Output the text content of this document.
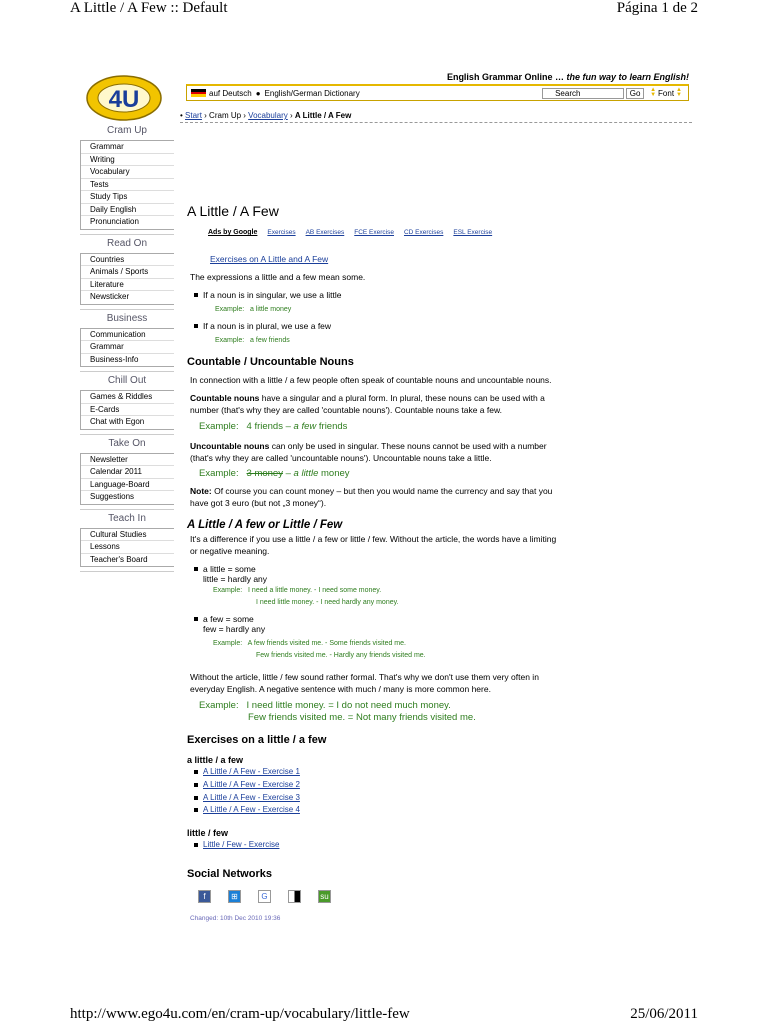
A Little / A Few :: Default	Página 1 de 2
http://www.ego4u.com/en/cram-up/vocabulary/little-few	25/06/2011
4U
English Grammar Online … the fun way to learn English!
auf Deutsch ● English/German Dictionary	Search	Go	▲
▼ Font ▲
▼
• Start › Cram Up › Vocabulary › A Little / A Few
Cram Up
Grammar
Writing
Vocabulary
Tests
Study Tips
Daily English
Pronunciation
Read On
Countries
Animals / Sports
Literature
Newsticker
Business
Communication
Grammar
Business-Info
Chill Out
Games & Riddles
E-Cards
Chat with Egon
Take On
Newsletter
Calendar 2011
Language-Board
Suggestions
Teach In
Cultural Studies
Lessons
Teacher's Board
A Little / A Few
Ads by Google Exercises AB Exercises FCE Exercise CD Exercises ESL Exercise
Exercises on A Little and A Few
The expressions a little and a few mean some.
If a noun is in singular, we use a little
Example: a little money
If a noun is in plural, we use a few
Example: a few friends
Countable / Uncountable Nouns
In connection with a little / a few people often speak of countable nouns and uncountable nouns.
Countable nouns have a singular and a plural form. In plural, these nouns can be used with a number (that's why they are called 'countable nouns'). Countable nouns take a few.
Example: 4 friends – a few friends
Uncountable nouns can only be used in singular. These nouns cannot be used with a number (that's why they are called 'uncountable nouns'). Uncountable nouns take a little.
Example: 3 money – a little money
Note: Of course you can count money – but then you would name the currency and say that you have got 3 euro (but not „3 money“).
A Little / A few or Little / Few
It's a difference if you use a little / a few or little / few. Without the article, the words have a limiting or negative meaning.
a little = some
little = hardly any
Example: I need a little money. - I need some money.
I need little money. - I need hardly any money.
a few = some
few = hardly any
Example: A few friends visited me. - Some friends visited me.
Few friends visited me. - Hardly any friends visited me.
Without the article, little / few sound rather formal. That's why we don't use them very often in everyday English. A negative sentence with much / many is more common here.
Example: I need little money. = I do not need much money.
Few friends visited me. = Not many friends visited me.
Exercises on a little / a few
a little / a few
A Little / A Few - Exercise 1
A Little / A Few - Exercise 2
A Little / A Few - Exercise 3
A Little / A Few - Exercise 4
little / few
Little / Few - Exercise
Social Networks
f	⊞	G	su
Changed: 10th Dec 2010 19:36
